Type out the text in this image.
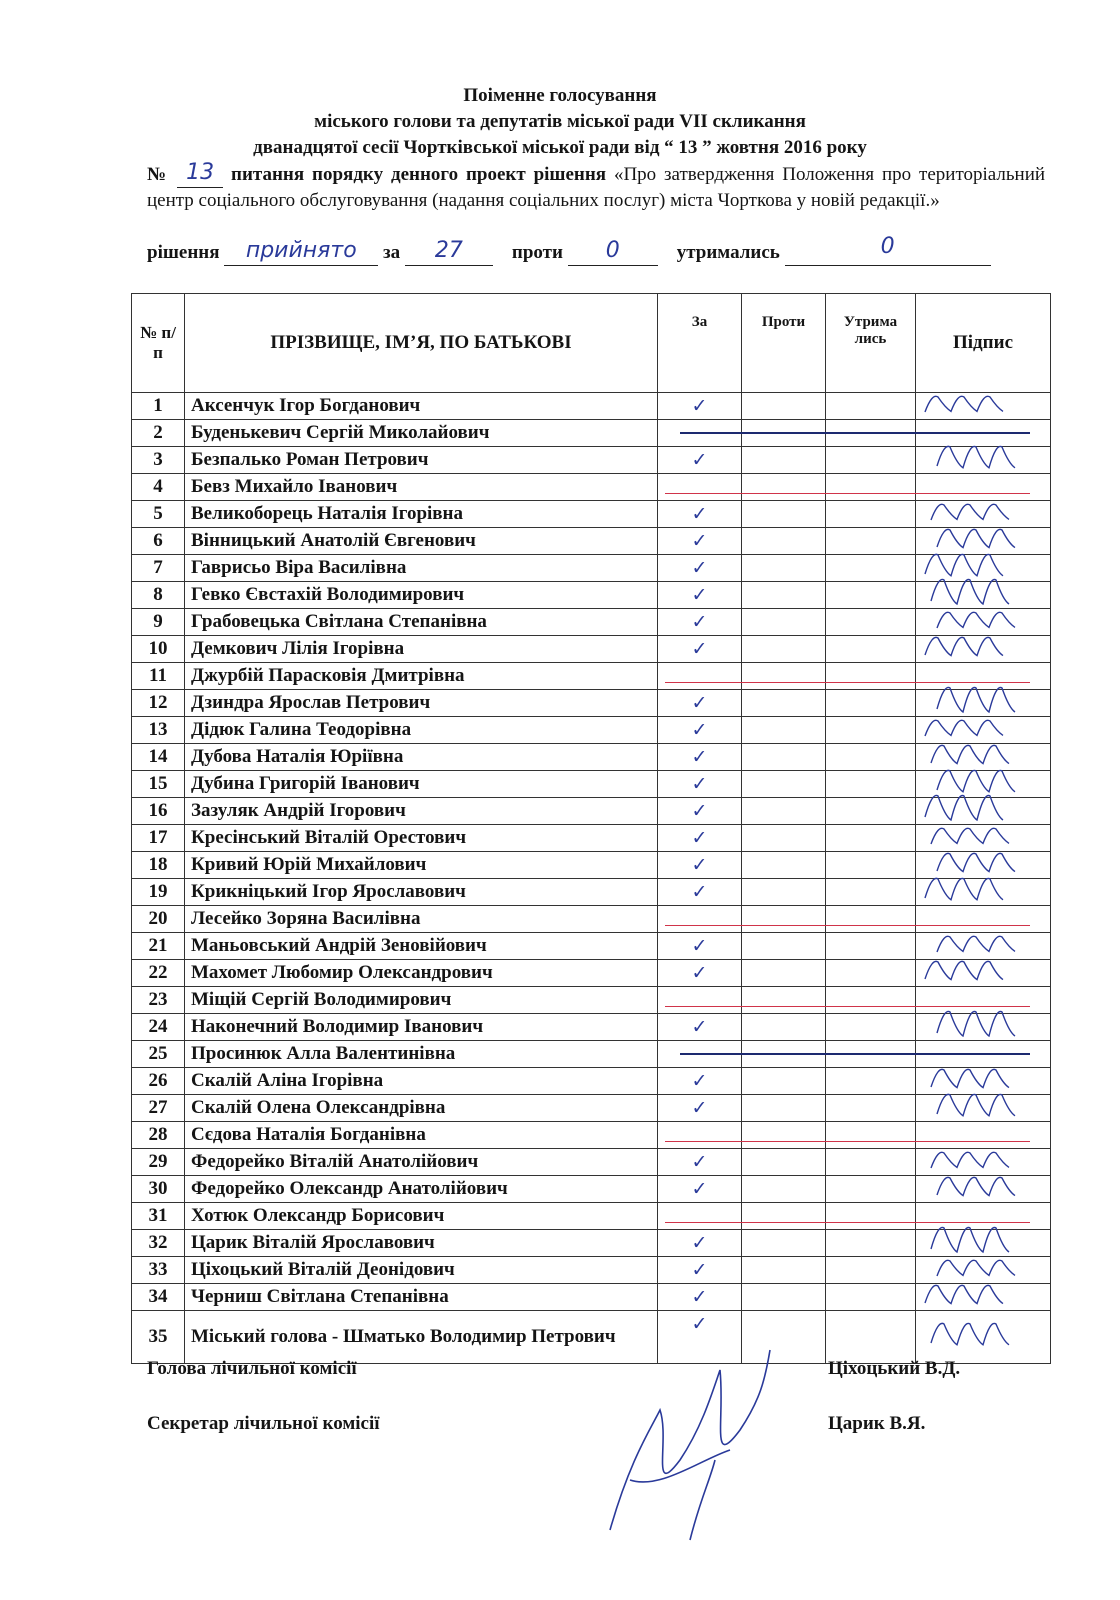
Поіменне голосування
міського голови та депутатів міської ради VII скликання
дванадцятої сесії Чортківської міської ради від “ 13 ” жовтня 2016 року
№ 13 питання порядку денного проект рішення «Про затвердження Положення про територіальний центр соціального обслуговування (надання соціальних послуг) міста Чорткова у новій редакції.»
рішення	прийнято	за	27	проти	0	утримались	0

№ п/п	ПРІЗВИЩЕ, ІМ’Я, ПО БАТЬКОВІ	За	Проти	Утрима лись	Підпис
1	Аксенчук Ігор Богданович	✓			
2	Буденькевич Сергій Миколайович				
3	Безпалько Роман Петрович	✓			
4	Бевз Михайло Іванович				
5	Великоборець Наталія Ігорівна	✓			
6	Вінницький Анатолій Євгенович	✓			
7	Гаврисьо Віра Василівна	✓			
8	Гевко Євстахій Володимирович	✓			
9	Грабовецька Світлана Степанівна	✓			
10	Демкович Лілія Ігорівна	✓			
11	Джурбій Парасковія Дмитрівна				
12	Дзиндра Ярослав Петрович	✓			
13	Дідюк Галина Теодорівна	✓			
14	Дубова Наталія Юріївна	✓			
15	Дубина Григорій Іванович	✓			
16	Зазуляк Андрій Ігорович	✓			
17	Кресінський Віталій Орестович	✓			
18	Кривий Юрій Михайлович	✓			
19	Крикніцький Ігор Ярославович	✓			
20	Лесейко Зоряна Василівна				
21	Маньовський Андрій Зеновійович	✓			
22	Махомет Любомир Олександрович	✓			
23	Міщій Сергій Володимирович				
24	Наконечний Володимир Іванович	✓			
25	Просинюк Алла Валентинівна				
26	Скалій Аліна Ігорівна	✓			
27	Скалій Олена Олександрівна	✓			
28	Сєдова Наталія Богданівна				
29	Федорейко Віталій Анатолійович	✓			
30	Федорейко Олександр Анатолійович	✓			
31	Хотюк Олександр Борисович				
32	Царик Віталій Ярославович	✓			
33	Ціхоцький Віталій Деонідович	✓			
34	Черниш Світлана Степанівна	✓			
35	Міський голова - Шматько Володимир Петрович	✓			
Голова лічильної комісії	Ціхоцький В.Д.
Секретар лічильної комісії	Царик В.Я.
